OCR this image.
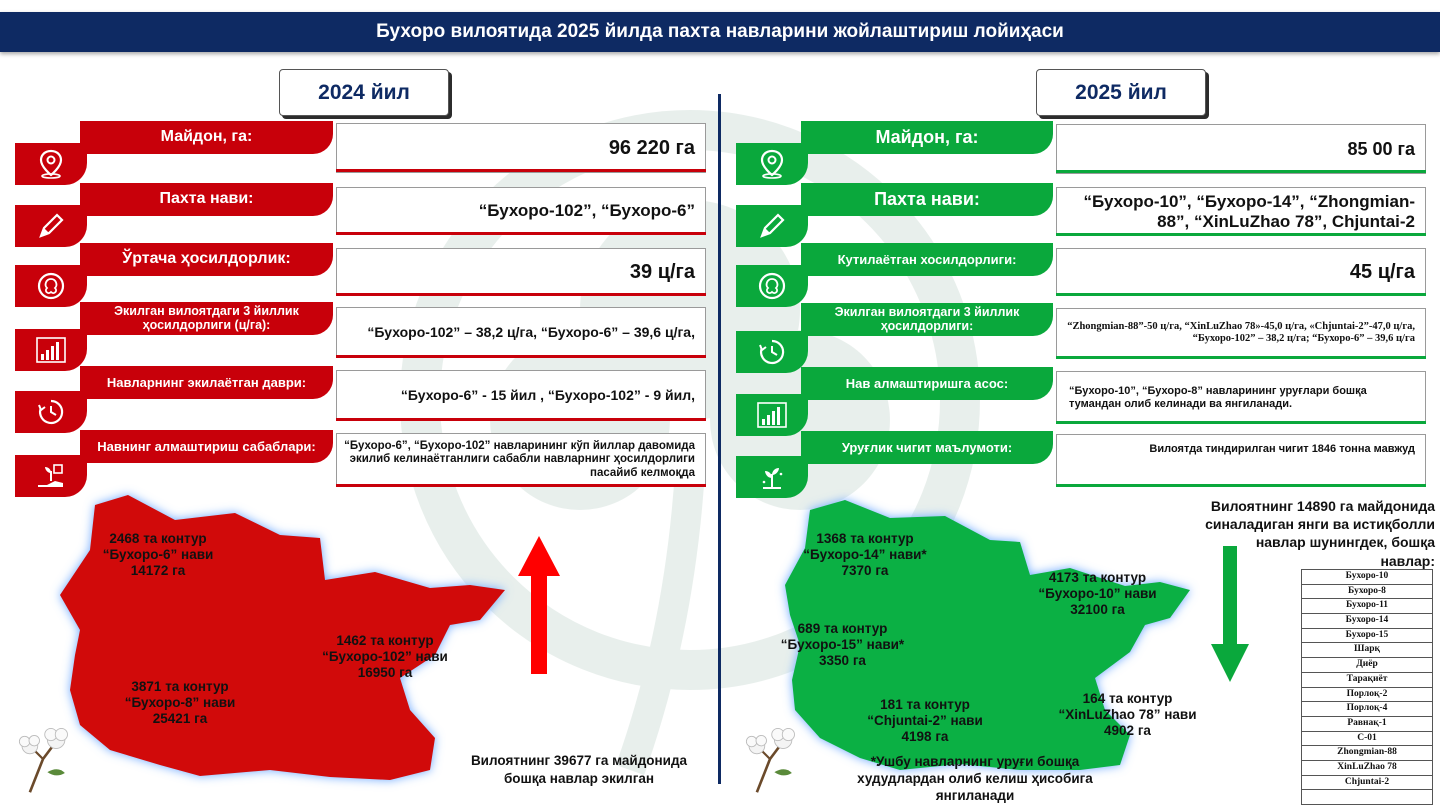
Бухоро вилоятида 2025 йилда пахта навларини жойлаштириш лойиҳаси
2024 йил	2025 йил
Майдон, га:	96 220 га
Пахта нави:
“Бухоро-102”, “Бухоро-6”
Ўртача ҳосилдорлик:
39 ц/га
Экилган вилоятдаги 3 йиллик ҳосилдорлиги (ц/га):	“Бухоро-102” – 38,2 ц/га, “Бухоро-6” – 39,6 ц/га,
Навларнинг экилаётган даври:
“Бухоро-6” - 15 йил , “Бухоро-102” - 9 йил,
Навнинг алмаштириш сабаблари:	“Бухоро-6”, “Бухоро-102” навларининг кўп йиллар давомида экилиб келинаётганлиги сабабли навларнинг ҳосилдорлиги пасайиб келмоқда
Майдон, га:
85 00 га
Пахта нави:	“Бухоро-10”, “Бухоро-14”, “Zhongmian-88”, “XinLuZhao 78”, Chjuntai-2
Кутилаётган хосилдорлиги:
45 ц/га
Экилган вилоятдаги 3 йиллик ҳосилдорлиги:	“Zhongmian-88”-50 ц/га, “XinLuZhao 78»-45,0 ц/га, «Chjuntai-2”-47,0 ц/га, “Бухоро-102” – 38,2 ц/га; “Бухоро-6” – 39,6 ц/га
Нав алмаштиришга асос:
“Бухоро-10”, “Бухоро-8” навларининг уруғлари бошқа тумандан олиб келинади ва янгиланади.
Уруғлик чигит маълумоти:	Вилоятда тиндирилган чигит 1846 тонна мавжуд
2468 та контур “Бухоро-6” нави 14172 га
1462 та контур “Бухоро-102” нави 16950 га
3871 та контур “Бухоро-8” нави 25421 га
Вилоятнинг 39677 га майдонида бошқа навлар экилган
1368 та контур “Бухоро-14” нави* 7370 га	4173 та контур “Бухоро-10” нави 32100 га
689 та контур “Бухоро-15” нави* 3350 га
181 та контур “Chjuntai-2” нави 4198 га
164 та контур “XinLuZhao 78” нави 4902 га
*Ушбу навларнинг уруғи бошқа худудлардан олиб келиш ҳисобига янгиланади
Вилоятнинг 14890 га майдонида синаладиган янги ва истиқболли навлар шунингдек, бошқа навлар:
Бухоро-10
Бухоро-8
Бухоро-11
Бухоро-14
Бухоро-15
Шарқ
Диёр
Тарақиёт
Порлоқ-2
Порлоқ-4
Равнақ-1
С-01
Zhongmian-88
XinLuZhao 78
Chjuntai-2
